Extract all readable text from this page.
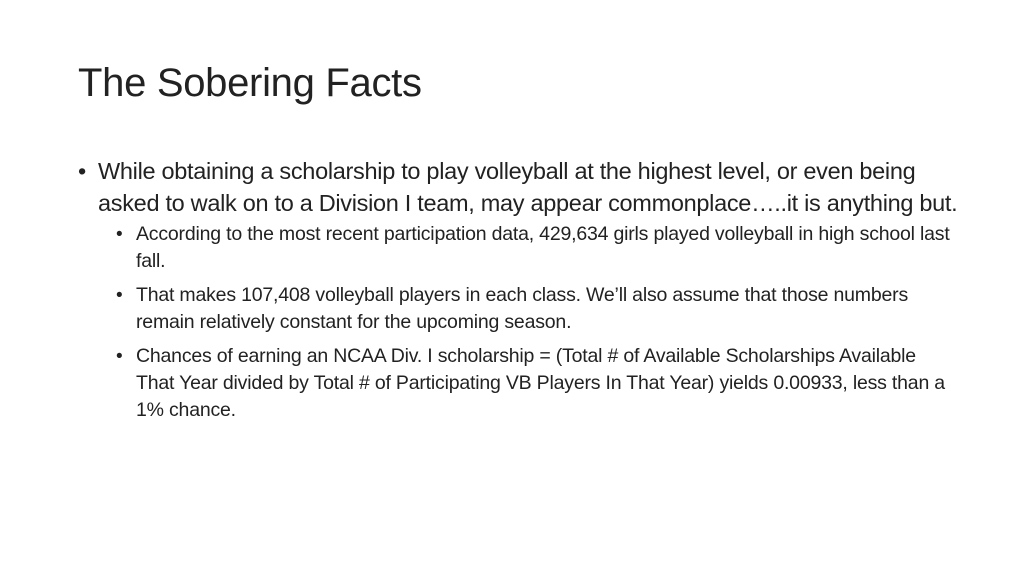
The Sobering Facts
• While obtaining a scholarship to play volleyball at the highest level, or even being asked to walk on to a Division I team, may appear commonplace…..it is anything but.
• According to the most recent participation data, 429,634 girls played volleyball in high school last fall.
• That makes 107,408 volleyball players in each class. We’ll also assume that those numbers remain relatively constant for the upcoming season.
• Chances of earning an NCAA Div. I scholarship = (Total # of Available Scholarships Available That Year divided by Total # of Participating VB Players In That Year) yields 0.00933, less than a 1% chance.
